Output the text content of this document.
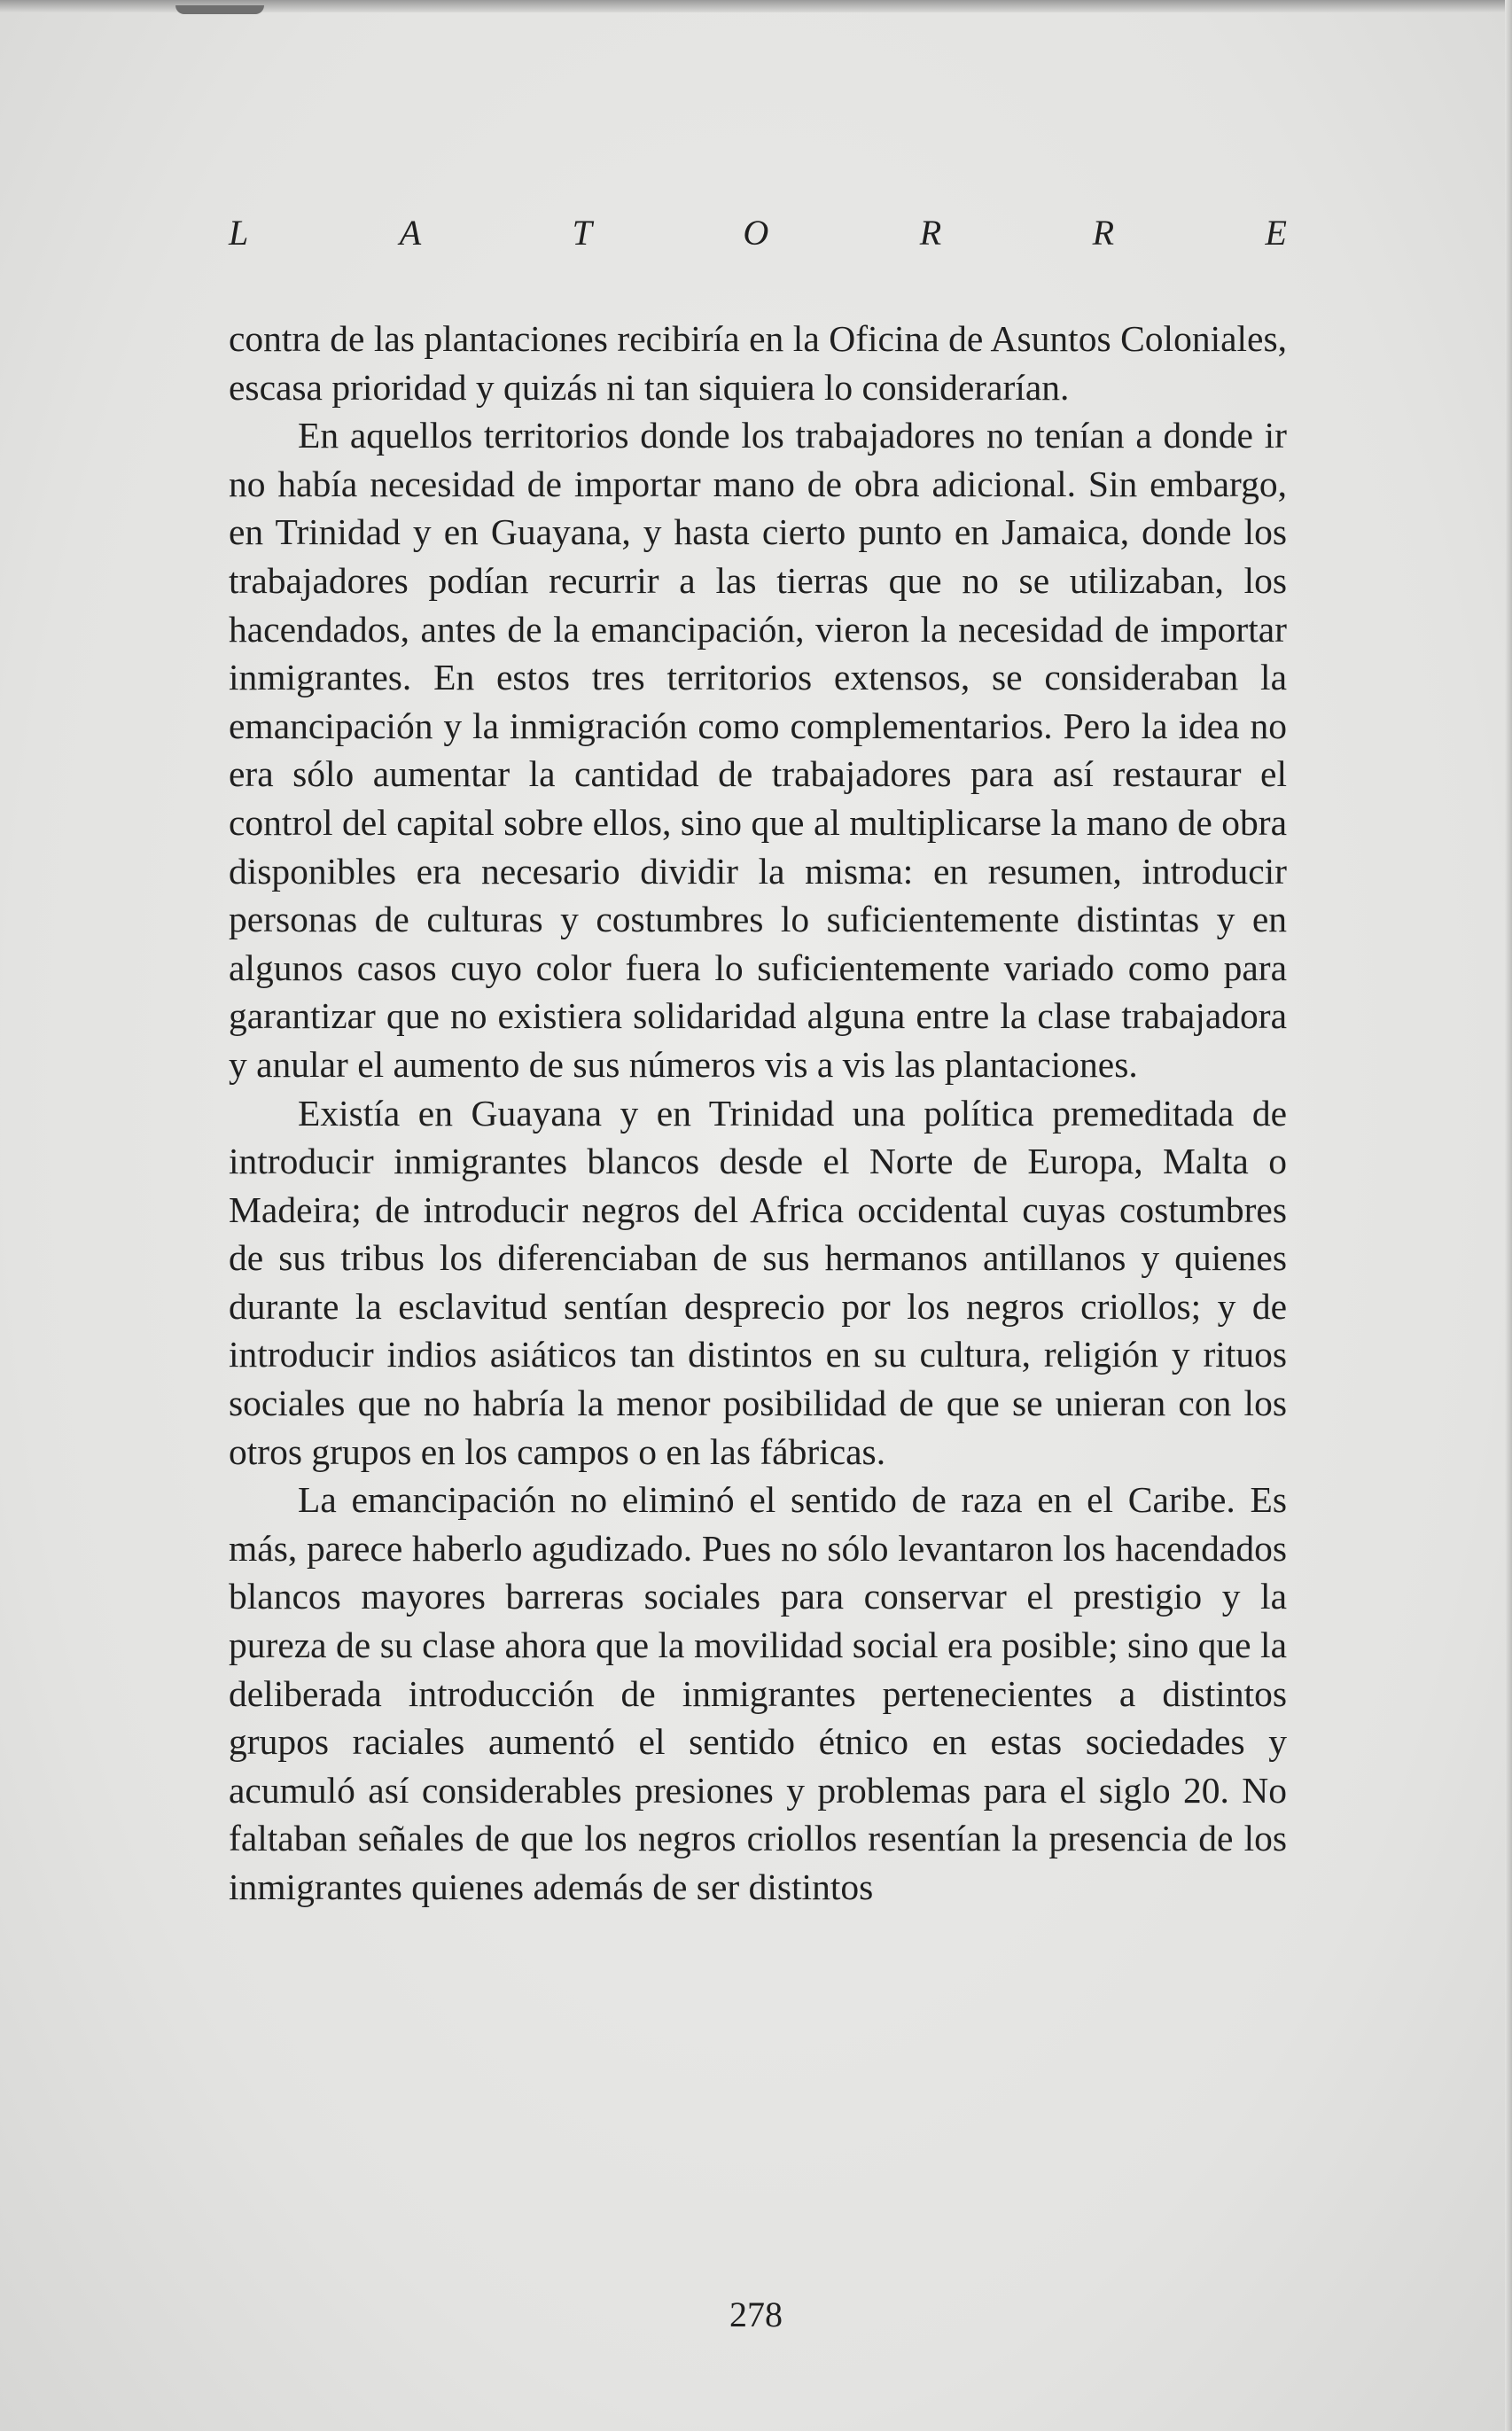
L	A	T	O	R	R	E

contra de las plantaciones recibiría en la Oficina de Asuntos Coloniales, escasa prioridad y quizás ni tan siquiera lo considerarían.

En aquellos territorios donde los trabajadores no tenían a donde ir no había necesidad de importar mano de obra adicional. Sin embargo, en Trinidad y en Guayana, y hasta cierto punto en Jamaica, donde los trabajadores podían recurrir a las tierras que no se utilizaban, los hacendados, antes de la emancipación, vieron la necesidad de importar inmigrantes. En estos tres territorios extensos, se consideraban la emancipación y la inmigración como complementarios. Pero la idea no era sólo aumentar la cantidad de trabajadores para así restaurar el control del capital sobre ellos, sino que al multiplicarse la mano de obra disponibles era necesario dividir la misma: en resumen, introducir personas de culturas y costumbres lo suficientemente distintas y en algunos casos cuyo color fuera lo suficientemente variado como para garantizar que no existiera solidaridad alguna entre la clase trabajadora y anular el aumento de sus números vis a vis las plantaciones.

Existía en Guayana y en Trinidad una política premeditada de introducir inmigrantes blancos desde el Norte de Europa, Malta o Madeira; de introducir negros del Africa occidental cuyas costumbres de sus tribus los diferenciaban de sus hermanos antillanos y quienes durante la esclavitud sentían desprecio por los negros criollos; y de introducir indios asiáticos tan distintos en su cultura, religión y rituos sociales que no habría la menor posibilidad de que se unieran con los otros grupos en los campos o en las fábricas.

La emancipación no eliminó el sentido de raza en el Caribe. Es más, parece haberlo agudizado. Pues no sólo levantaron los hacendados blancos mayores barreras sociales para conservar el prestigio y la pureza de su clase ahora que la movilidad social era posible; sino que la deliberada introducción de inmigrantes pertenecientes a distintos grupos raciales aumentó el sentido étnico en estas sociedades y acumuló así considerables presiones y problemas para el siglo 20. No faltaban señales de que los negros criollos resentían la presencia de los inmigrantes quienes además de ser distintos

278
